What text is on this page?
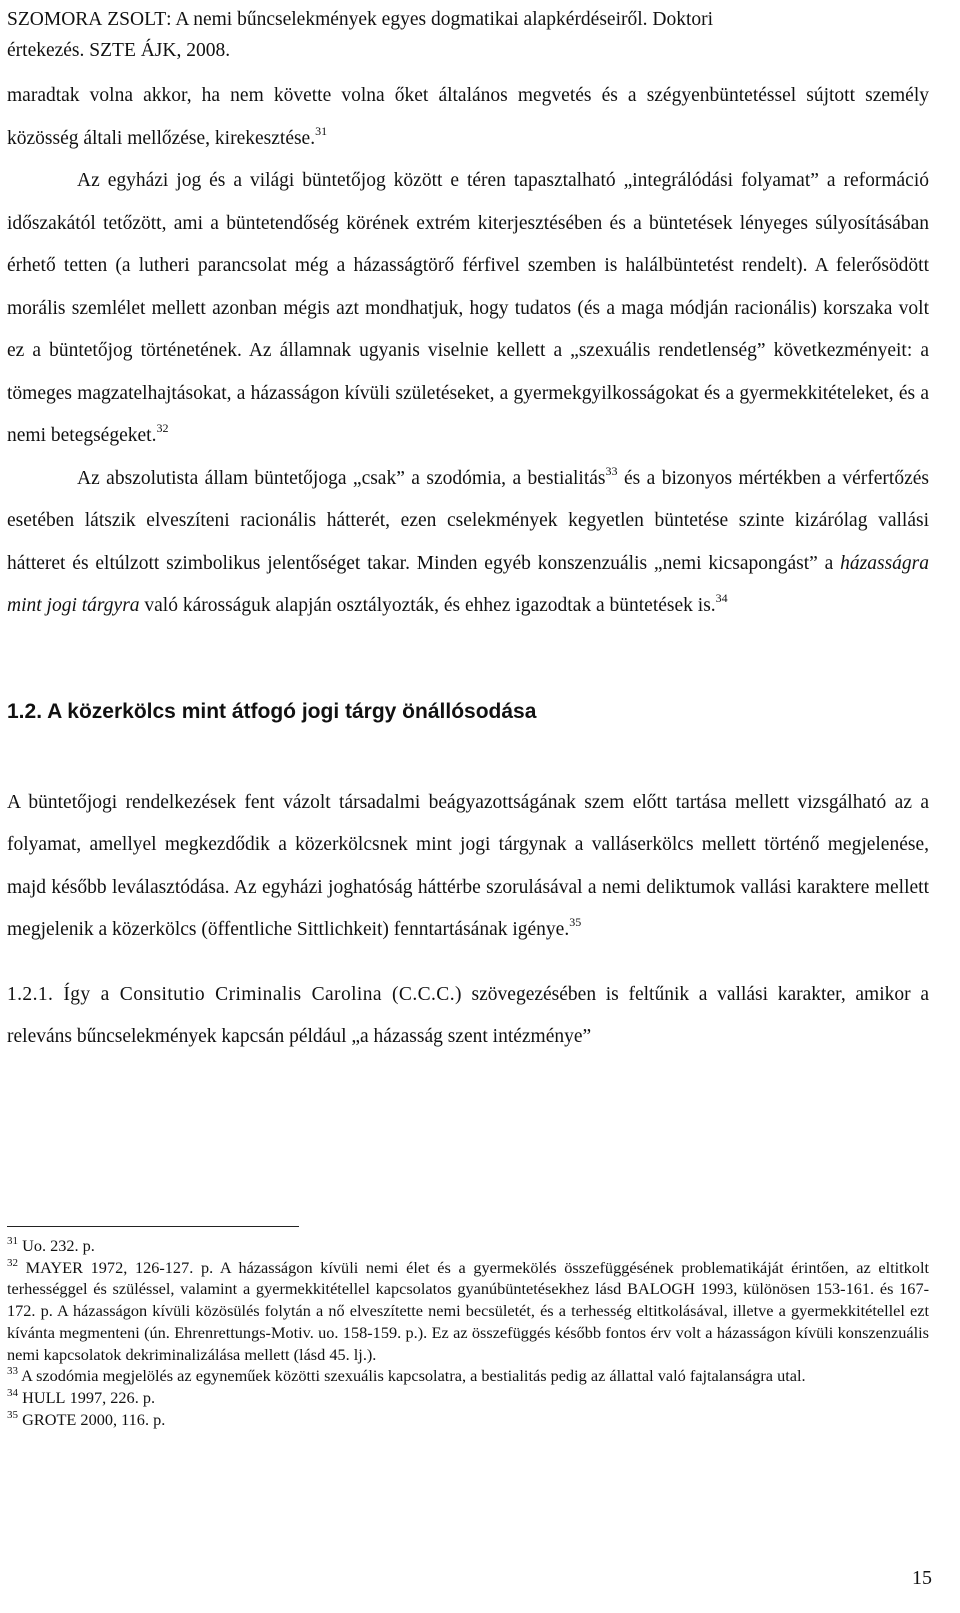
SZOMORA ZSOLT: A nemi bűncselekmények egyes dogmatikai alapkérdéseiről. Doktori
értekezés. SZTE ÁJK, 2008.

maradtak volna akkor, ha nem követte volna őket általános megvetés és a szégyenbüntetéssel sújtott személy közösség általi mellőzése, kirekesztése.$^{31}$

Az egyházi jog és a világi büntetőjog között e téren tapasztalható „integrálódási folyamat” a reformáció időszakától tetőzött, ami a büntetendőség körének extrém kiterjesztésében és a büntetések lényeges súlyosításában érhető tetten (a lutheri parancsolat még a házasságtörő férfivel szemben is halálbüntetést rendelt). A felerősödött morális szemlélet mellett azonban mégis azt mondhatjuk, hogy tudatos (és a maga módján racionális) korszaka volt ez a büntetőjog történetének. Az államnak ugyanis viselnie kellett a „szexuális rendetlenség” következményeit: a tömeges magzatelhajtásokat, a házasságon kívüli születéseket, a gyermekgyilkosságokat és a gyermekkitételeket, és a nemi betegségeket.$^{32}$

Az abszolutista állam büntetőjoga „csak” a szodómia, a bestialitás$^{33}$ és a bizonyos mértékben a vérfertőzés esetében látszik elveszíteni racionális hátterét, ezen cselekmények kegyetlen büntetése szinte kizárólag vallási hátteret és eltúlzott szimbolikus jelentőséget takar. Minden egyéb konszenzuális „nemi kicsapongást” a házasságra mint jogi tárgyra való károsságuk alapján osztályozták, és ehhez igazodtak a büntetések is.$^{34}$

1.2. A közerkölcs mint átfogó jogi tárgy önállósodása

A büntetőjogi rendelkezések fent vázolt társadalmi beágyazottságának szem előtt tartása mellett vizsgálható az a folyamat, amellyel megkezdődik a közerkölcsnek mint jogi tárgynak a valláserkölcs mellett történő megjelenése, majd később leválasztódása. Az egyházi joghatóság háttérbe szorulásával a nemi deliktumok vallási karaktere mellett megjelenik a közerkölcs (öffentliche Sittlichkeit) fenntartásának igénye.$^{35}$

1.2.1. Így a Consitutio Criminalis Carolina (C.C.C.) szövegezésében is feltűnik a vallási karakter, amikor a releváns bűncselekmények kapcsán például „a házasság szent intézménye”

$^{31}$ Uo. 232. p.

$^{32}$ MAYER 1972, 126-127. p. A házasságon kívüli nemi élet és a gyermekölés összefüggésének problematikáját érintően, az eltitkolt terhességgel és szüléssel, valamint a gyermekkitétellel kapcsolatos gyanúbüntetésekhez lásd BALOGH 1993, különösen 153-161. és 167-172. p. A házasságon kívüli közösülés folytán a nő elveszítette nemi becsületét, és a terhesség eltitkolásával, illetve a gyermekkitétellel ezt kívánta megmenteni (ún. Ehrenrettungs-Motiv. uo. 158-159. p.). Ez az összefüggés később fontos érv volt a házasságon kívüli konszenzuális nemi kapcsolatok dekriminalizálása mellett (lásd 45. lj.).

$^{33}$ A szodómia megjelölés az egyneműek közötti szexuális kapcsolatra, a bestialitás pedig az állattal való fajtalanságra utal.

$^{34}$ HULL 1997, 226. p.

$^{35}$ GROTE 2000, 116. p.

15
